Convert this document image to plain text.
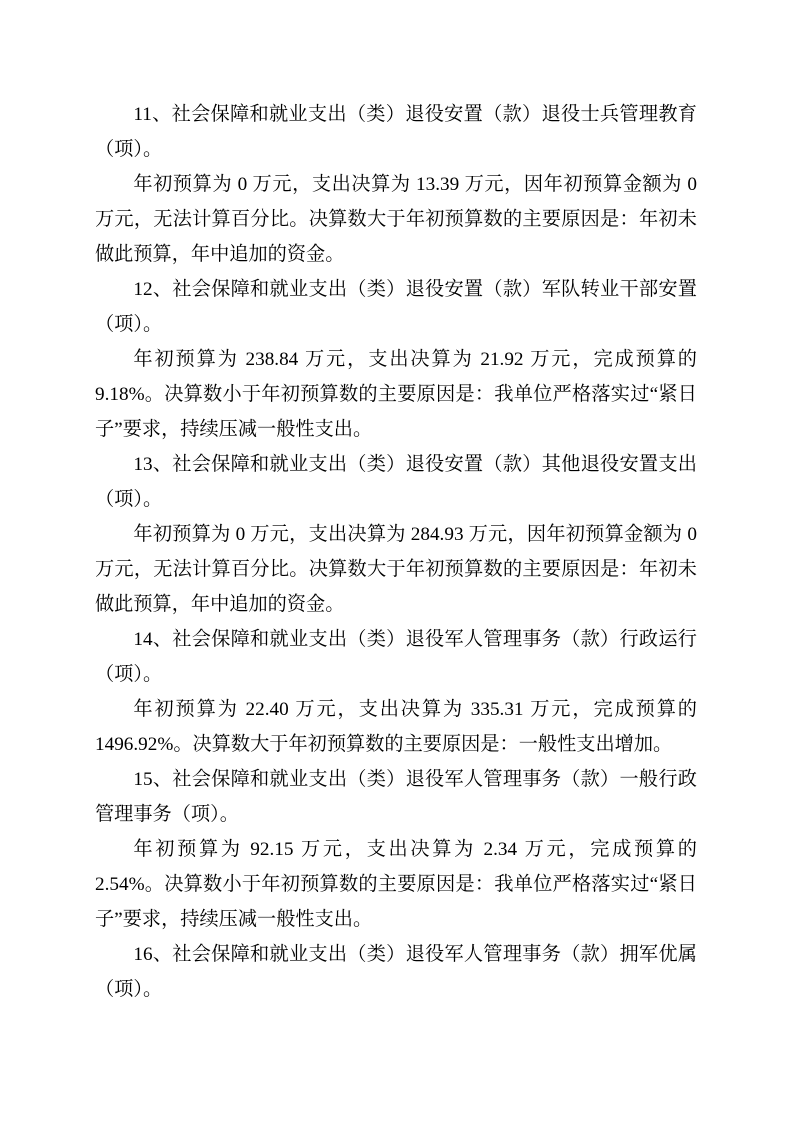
11、社会保障和就业支出（类）退役安置（款）退役士兵管理教育（项）。

年初预算为 0 万元，支出决算为 13.39 万元，因年初预算金额为 0 万元，无法计算百分比。决算数大于年初预算数的主要原因是：年初未做此预算，年中追加的资金。

12、社会保障和就业支出（类）退役安置（款）军队转业干部安置（项）。

年初预算为 238.84 万元，支出决算为 21.92 万元，完成预算的 9.18%。决算数小于年初预算数的主要原因是：我单位严格落实过“紧日子”要求，持续压减一般性支出。

13、社会保障和就业支出（类）退役安置（款）其他退役安置支出（项）。

年初预算为 0 万元，支出决算为 284.93 万元，因年初预算金额为 0 万元，无法计算百分比。决算数大于年初预算数的主要原因是：年初未做此预算，年中追加的资金。

14、社会保障和就业支出（类）退役军人管理事务（款）行政运行（项）。

年初预算为 22.40 万元，支出决算为 335.31 万元，完成预算的 1496.92%。决算数大于年初预算数的主要原因是：一般性支出增加。

15、社会保障和就业支出（类）退役军人管理事务（款）一般行政管理事务（项）。

年初预算为 92.15 万元，支出决算为 2.34 万元，完成预算的 2.54%。决算数小于年初预算数的主要原因是：我单位严格落实过“紧日子”要求，持续压减一般性支出。

16、社会保障和就业支出（类）退役军人管理事务（款）拥军优属（项）。
